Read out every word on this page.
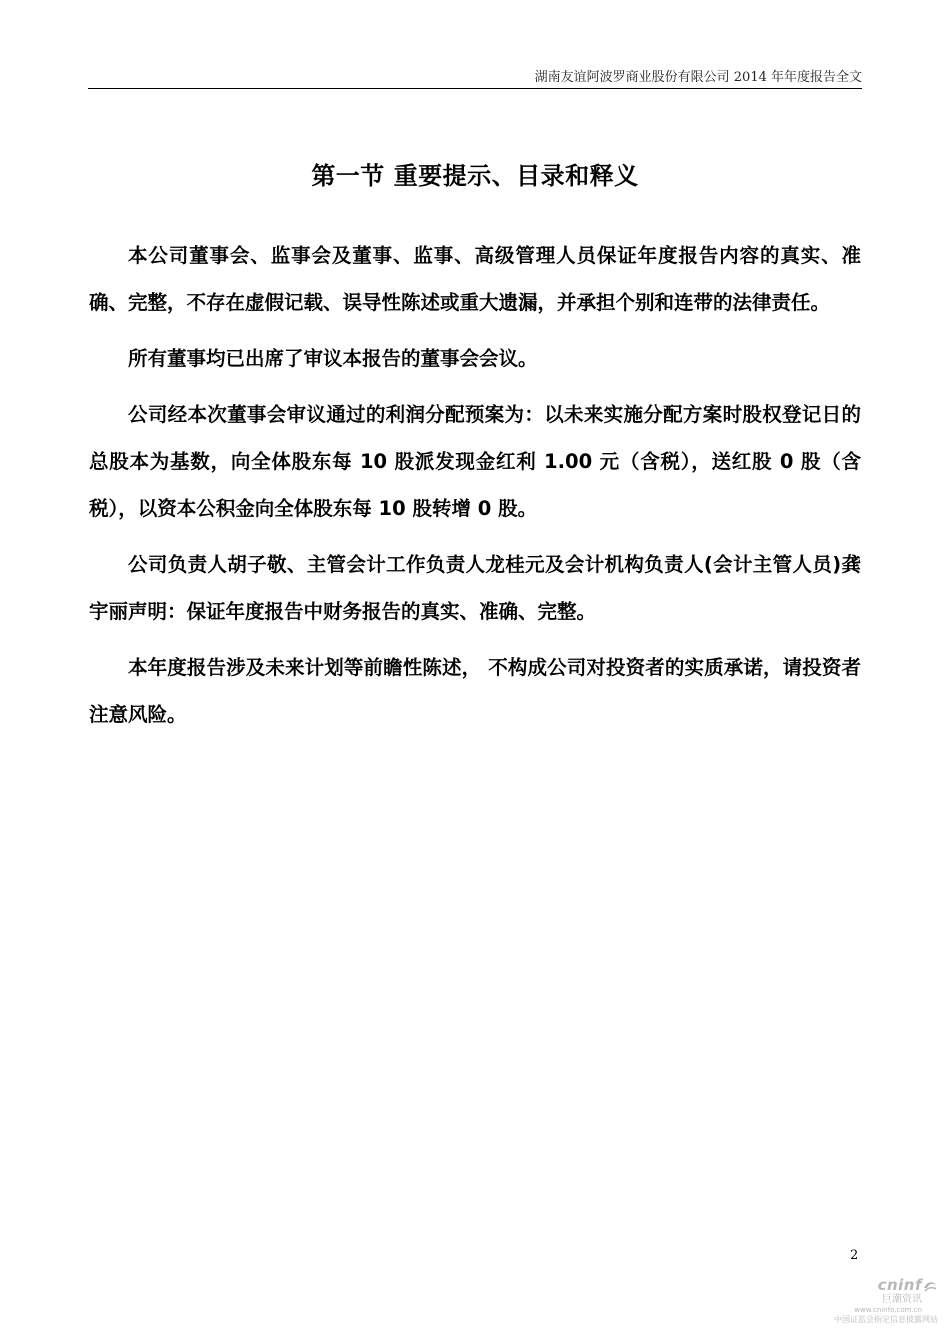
湖南友谊阿波罗商业股份有限公司 2014 年年度报告全文
第一节 重要提示、目录和释义

本公司董事会、监事会及董事、监事、高级管理人员保证年度报告内容的真实、准确、完整，不存在虚假记载、误导性陈述或重大遗漏，并承担个别和连带的法律责任。

所有董事均已出席了审议本报告的董事会会议。

公司经本次董事会审议通过的利润分配预案为：以未来实施分配方案时股权登记日的总股本为基数，向全体股东每 10 股派发现金红利 1.00 元（含税），送红股 0 股（含税），以资本公积金向全体股东每 10 股转增 0 股。

公司负责人胡子敬、主管会计工作负责人龙桂元及会计机构负责人(会计主管人员)龚宇丽声明：保证年度报告中财务报告的真实、准确、完整。

本年度报告涉及未来计划等前瞻性陈述， 不构成公司对投资者的实质承诺，请投资者注意风险。

2
cninf
巨潮资讯
www.cninfo.com.cn
中国证监会指定信息披露网站
